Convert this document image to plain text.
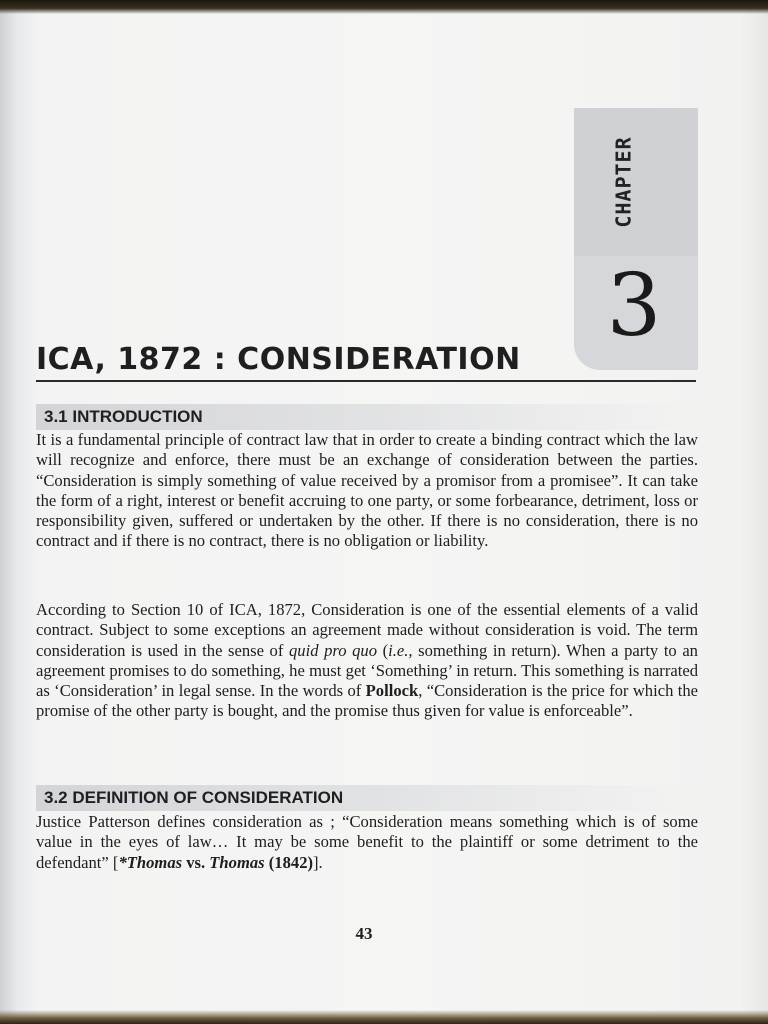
CHAPTER
3
ICA, 1872 : CONSIDERATION
3.1 INTRODUCTION

It is a fundamental principle of contract law that in order to create a binding contract which the law will recognize and enforce, there must be an exchange of consideration between the parties. “Consideration is simply something of value received by a promisor from a promisee”. It can take the form of a right, interest or benefit accruing to one party, or some forbearance, detriment, loss or responsibility given, suffered or undertaken by the other. If there is no consideration, there is no contract and if there is no contract, there is no obligation or liability.

According to Section 10 of ICA, 1872, Consideration is one of the essential elements of a valid contract. Subject to some exceptions an agreement made without consideration is void. The term consideration is used in the sense of quid pro quo (i.e., something in return). When a party to an agreement promises to do something, he must get ‘Something’ in return. This something is narrated as ‘Consideration’ in legal sense. In the words of Pollock, “Consideration is the price for which the promise of the other party is bought, and the promise thus given for value is enforceable”.

3.2 DEFINITION OF CONSIDERATION

Justice Patterson defines consideration as ; “Consideration means something which is of some value in the eyes of law… It may be some benefit to the plaintiff or some detriment to the defendant” [*Thomas vs. Thomas (1842)].

43
